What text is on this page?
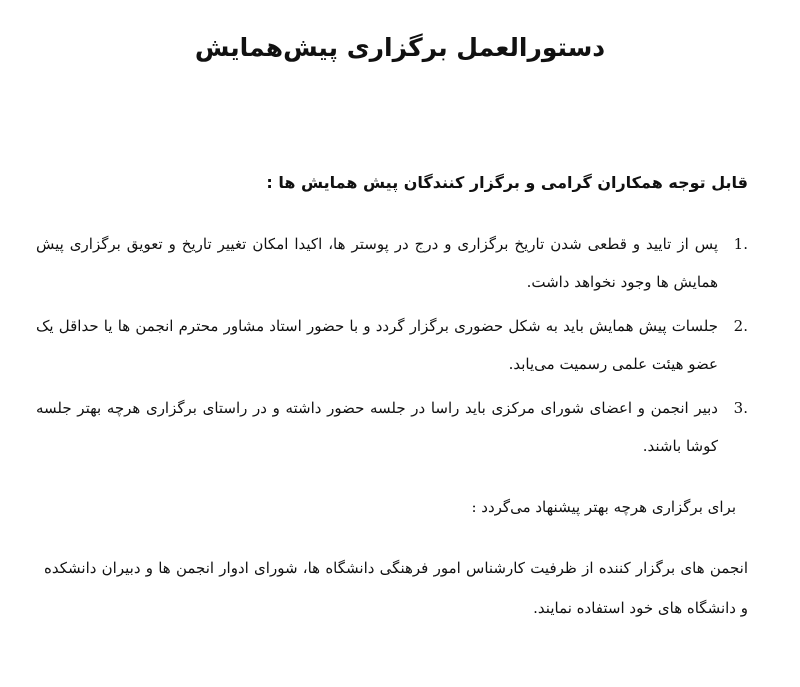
دستورالعمل برگزاری پیش‌همایش

قابل توجه همکاران گرامی و برگزار کنندگان پیش همایش ها :

.1
پس از تایید و قطعی شدن تاریخ برگزاری و درج در پوستر ها، اکیدا امکان تغییر تاریخ و تعویق برگزاری پیش همایش ها وجود نخواهد داشت.
.2
جلسات پیش همایش باید به شکل حضوری برگزار گردد و با حضور استاد مشاور محترم انجمن ها یا حداقل یک عضو هیئت علمی رسمیت می‌یابد.
.3
دبیر انجمن و اعضای شورای مرکزی باید راسا در جلسه حضور داشته و در راستای برگزاری هرچه بهتر جلسه کوشا باشند.

برای برگزاری هرچه بهتر پیشنهاد می‌گردد :

انجمن های برگزار کننده از ظرفیت کارشناس امور فرهنگی دانشگاه ها، شورای ادوار انجمن ها و دبیران دانشکده و دانشگاه های خود استفاده نمایند.
